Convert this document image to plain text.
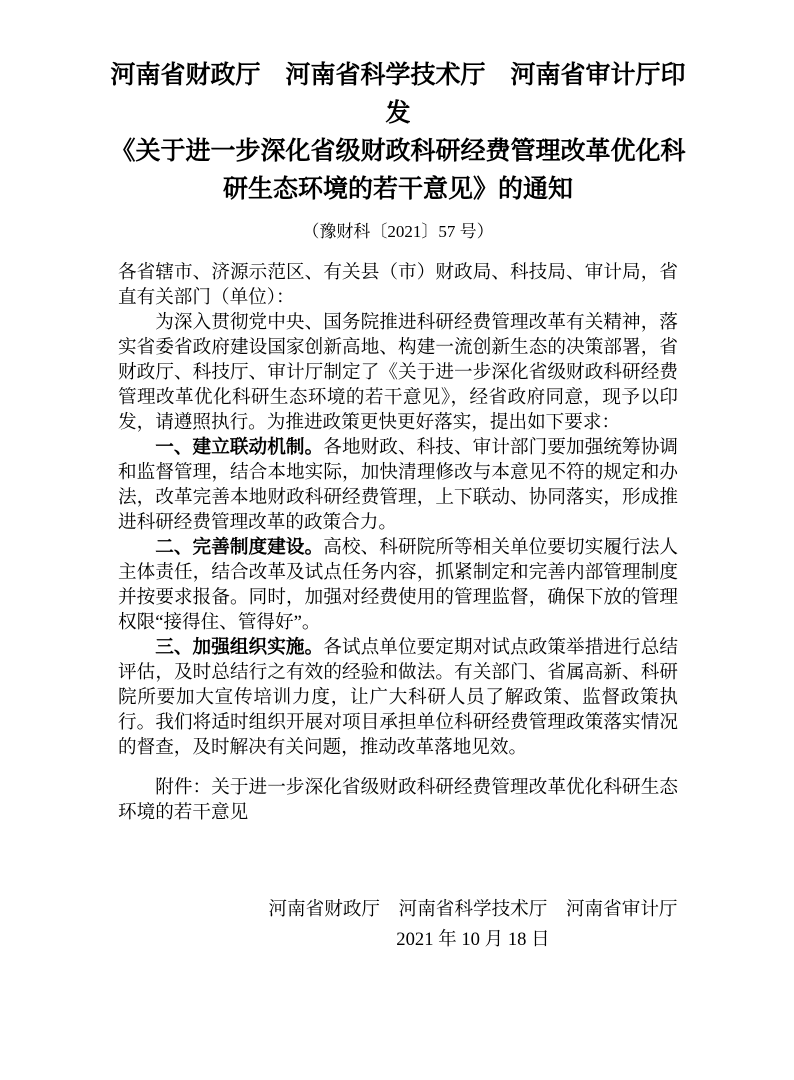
河南省财政厅　河南省科学技术厅　河南省审计厅印
发
《关于进一步深化省级财政科研经费管理改革优化科
研生态环境的若干意见》的通知
（豫财科〔2021〕57 号）

各省辖市、济源示范区、有关县（市）财政局、科技局、审计局，省直有关部门（单位）：

为深入贯彻党中央、国务院推进科研经费管理改革有关精神，落实省委省政府建设国家创新高地、构建一流创新生态的决策部署，省财政厅、科技厅、审计厅制定了《关于进一步深化省级财政科研经费管理改革优化科研生态环境的若干意见》，经省政府同意，现予以印发，请遵照执行。为推进政策更快更好落实，提出如下要求：

一、建立联动机制。各地财政、科技、审计部门要加强统筹协调和监督管理，结合本地实际，加快清理修改与本意见不符的规定和办法，改革完善本地财政科研经费管理，上下联动、协同落实，形成推进科研经费管理改革的政策合力。

二、完善制度建设。高校、科研院所等相关单位要切实履行法人主体责任，结合改革及试点任务内容，抓紧制定和完善内部管理制度并按要求报备。同时，加强对经费使用的管理监督，确保下放的管理权限“接得住、管得好”。

三、加强组织实施。各试点单位要定期对试点政策举措进行总结评估，及时总结行之有效的经验和做法。有关部门、省属高新、科研院所要加大宣传培训力度，让广大科研人员了解政策、监督政策执行。我们将适时组织开展对项目承担单位科研经费管理政策落实情况的督查，及时解决有关问题，推动改革落地见效。

附件：关于进一步深化省级财政科研经费管理改革优化科研生态环境的若干意见

河南省财政厅　河南省科学技术厅　河南省审计厅
2021 年 10 月 18 日
